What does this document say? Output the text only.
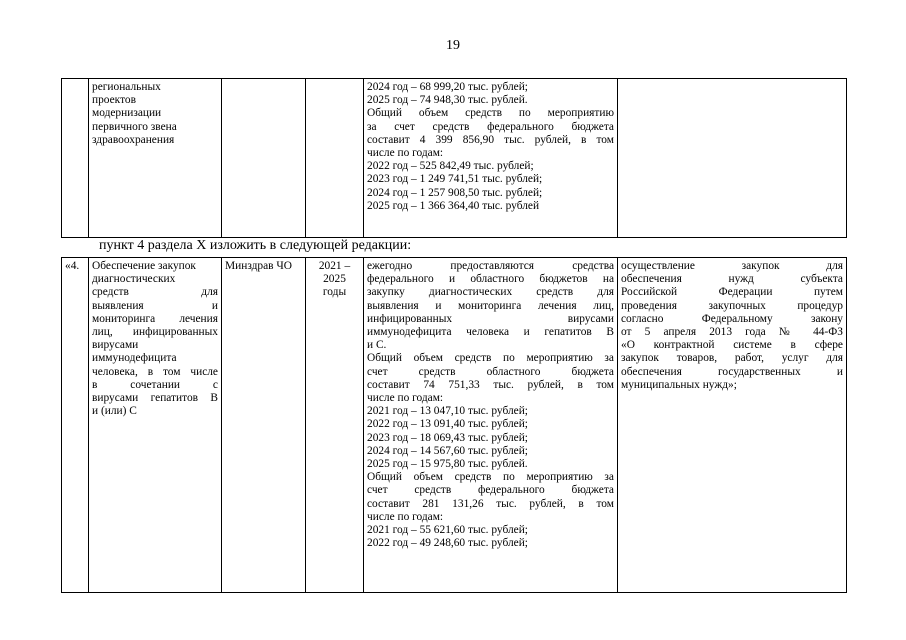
19

региональных
проектов
модернизации
первичного звена
здравоохранения

2024 год – 68 999,20 тыс. рублей;
2025 год – 74 948,30 тыс. рублей.
Общий объем средств по мероприятию
за счет средств федерального бюджета
составит 4 399 856,90 тыс. рублей, в том
числе по годам:
2022 год – 525 842,49 тыс. рублей;
2023 год – 1 249 741,51 тыс. рублей;
2024 год – 1 257 908,50 тыс. рублей;
2025 год – 1 366 364,40 тыс. рублей

пункт 4 раздела X изложить в следующей редакции:
«4.	Обеспечение закупок
диагностических
средств для
выявления и
мониторинга лечения
лиц, инфицированных
вирусами
иммунодефицита
человека, в том числе
в сочетании с
вирусами гепатитов В
и (или) С

Минздрав ЧО	2021 –
2025
годы

ежегодно предоставляются средства
федерального и областного бюджетов на
закупку диагностических средств для
выявления и мониторинга лечения лиц,
инфицированных вирусами
иммунодефицита человека и гепатитов В
и С.
Общий объем средств по мероприятию за
счет средств областного бюджета
составит 74 751,33 тыс. рублей, в том
числе по годам:
2021 год – 13 047,10 тыс. рублей;
2022 год – 13 091,40 тыс. рублей;
2023 год – 18 069,43 тыс. рублей;
2024 год – 14 567,60 тыс. рублей;
2025 год – 15 975,80 тыс. рублей.
Общий объем средств по мероприятию за
счет средств федерального бюджета
составит 281 131,26 тыс. рублей, в том
числе по годам:
2021 год – 55 621,60 тыс. рублей;
2022 год – 49 248,60 тыс. рублей;

осуществление закупок для
обеспечения нужд субъекта
Российской Федерации путем
проведения закупочных процедур
согласно Федеральному закону
от 5 апреля 2013 года № 44-ФЗ
«О контрактной системе в сфере
закупок товаров, работ, услуг для
обеспечения государственных и
муниципальных нужд»;
